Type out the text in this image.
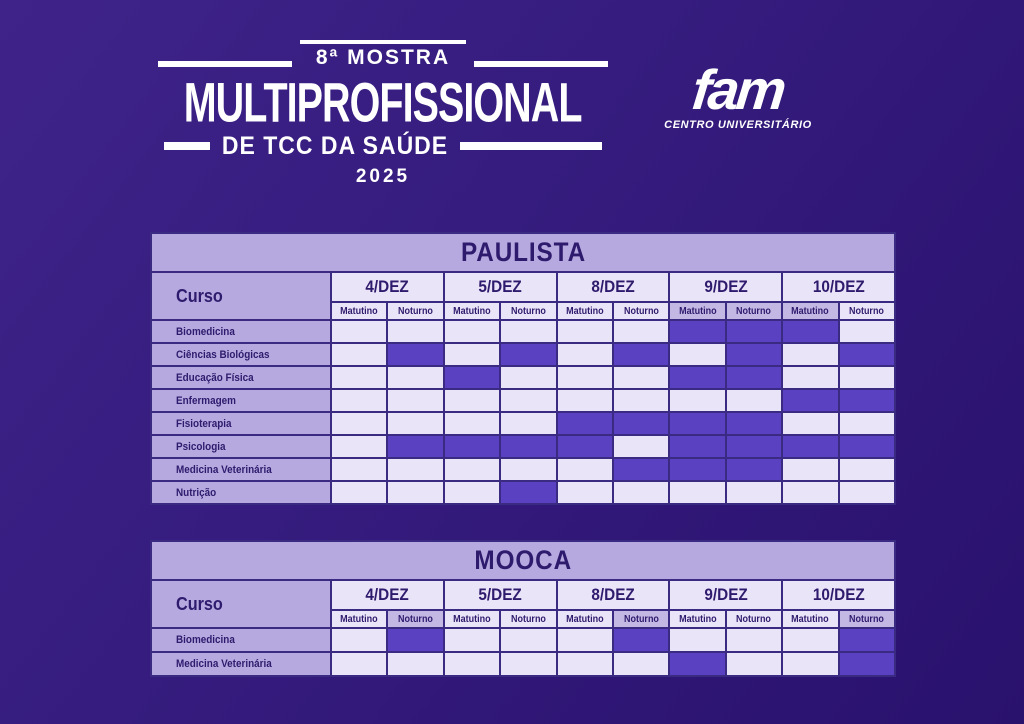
8ª MOSTRA
MULTIPROFISSIONAL
DE TCC DA SAÚDE
2025
fam
CENTRO UNIVERSITÁRIO
PAULISTA										
Curso	4/DEZ		5/DEZ		8/DEZ		9/DEZ		10/DEZ	
	Matutino	Noturno	Matutino	Noturno	Matutino	Noturno	Matutino	Noturno	Matutino	Noturno
Biomedicina										
Ciências Biológicas										
Educação Física										
Enfermagem										
Fisioterapia										
Psicologia										
Medicina Veterinária										
Nutrição										
MOOCA										
Curso	4/DEZ		5/DEZ		8/DEZ		9/DEZ		10/DEZ	
	Matutino	Noturno	Matutino	Noturno	Matutino	Noturno	Matutino	Noturno	Matutino	Noturno
Biomedicina										
Medicina Veterinária										
